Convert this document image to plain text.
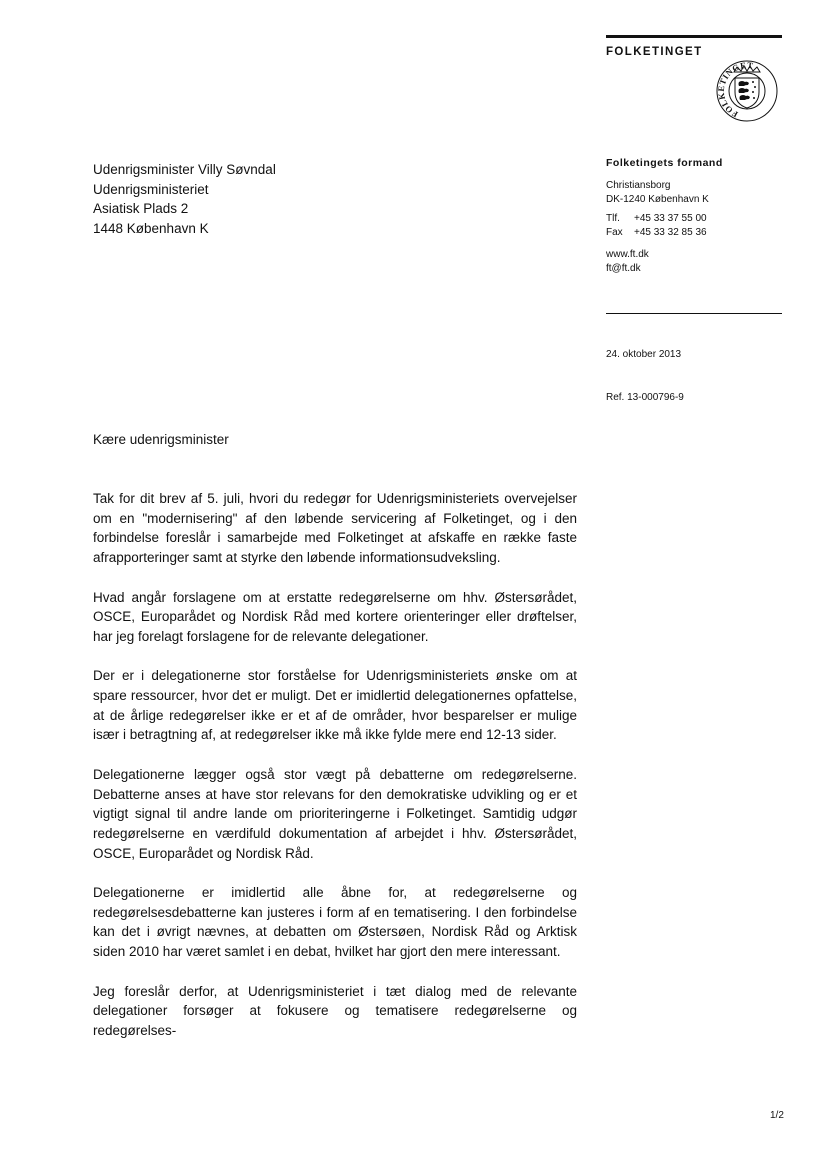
FOLKETINGET
FOLKETINGET
Udenrigsminister Villy Søvndal
Udenrigsministeriet
Asiatisk Plads 2
1448 København K
Folketingets formand
Christiansborg
DK-1240 København K
Tlf. +45 33 37 55 00
Fax +45 33 32 85 36
www.ft.dk
ft@ft.dk
24. oktober 2013
Ref. 13-000796-9
Kære udenrigsminister

Tak for dit brev af 5. juli, hvori du redegør for Udenrigsministeriets overvejelser om en "modernisering" af den løbende servicering af Folketinget, og i den forbindelse foreslår i samarbejde med Folketinget at afskaffe en række faste afrapporteringer samt at styrke den løbende informationsudveksling.

Hvad angår forslagene om at erstatte redegørelserne om hhv. Østersørådet, OSCE, Europarådet og Nordisk Råd med kortere orienteringer eller drøftelser, har jeg forelagt forslagene for de relevante delegationer.

Der er i delegationerne stor forståelse for Udenrigsministeriets ønske om at spare ressourcer, hvor det er muligt. Det er imidlertid delegationernes opfattelse, at de årlige redegørelser ikke er et af de områder, hvor besparelser er mulige især i betragtning af, at redegørelser ikke må ikke fylde mere end 12-13 sider.

Delegationerne lægger også stor vægt på debatterne om redegørelserne. Debatterne anses at have stor relevans for den demokratiske udvikling og er et vigtigt signal til andre lande om prioriteringerne i Folketinget. Samtidig udgør redegørelserne en værdifuld dokumentation af arbejdet i hhv. Østersørådet, OSCE, Europarådet og Nordisk Råd.

Delegationerne er imidlertid alle åbne for, at redegørelserne og redegørelsesdebatterne kan justeres i form af en tematisering. I den forbindelse kan det i øvrigt nævnes, at debatten om Østersøen, Nordisk Råd og Arktisk siden 2010 har været samlet i en debat, hvilket har gjort den mere interessant.

Jeg foreslår derfor, at Udenrigsministeriet i tæt dialog med de relevante delegationer forsøger at fokusere og tematisere redegørelserne og redegørelses-

1/2
